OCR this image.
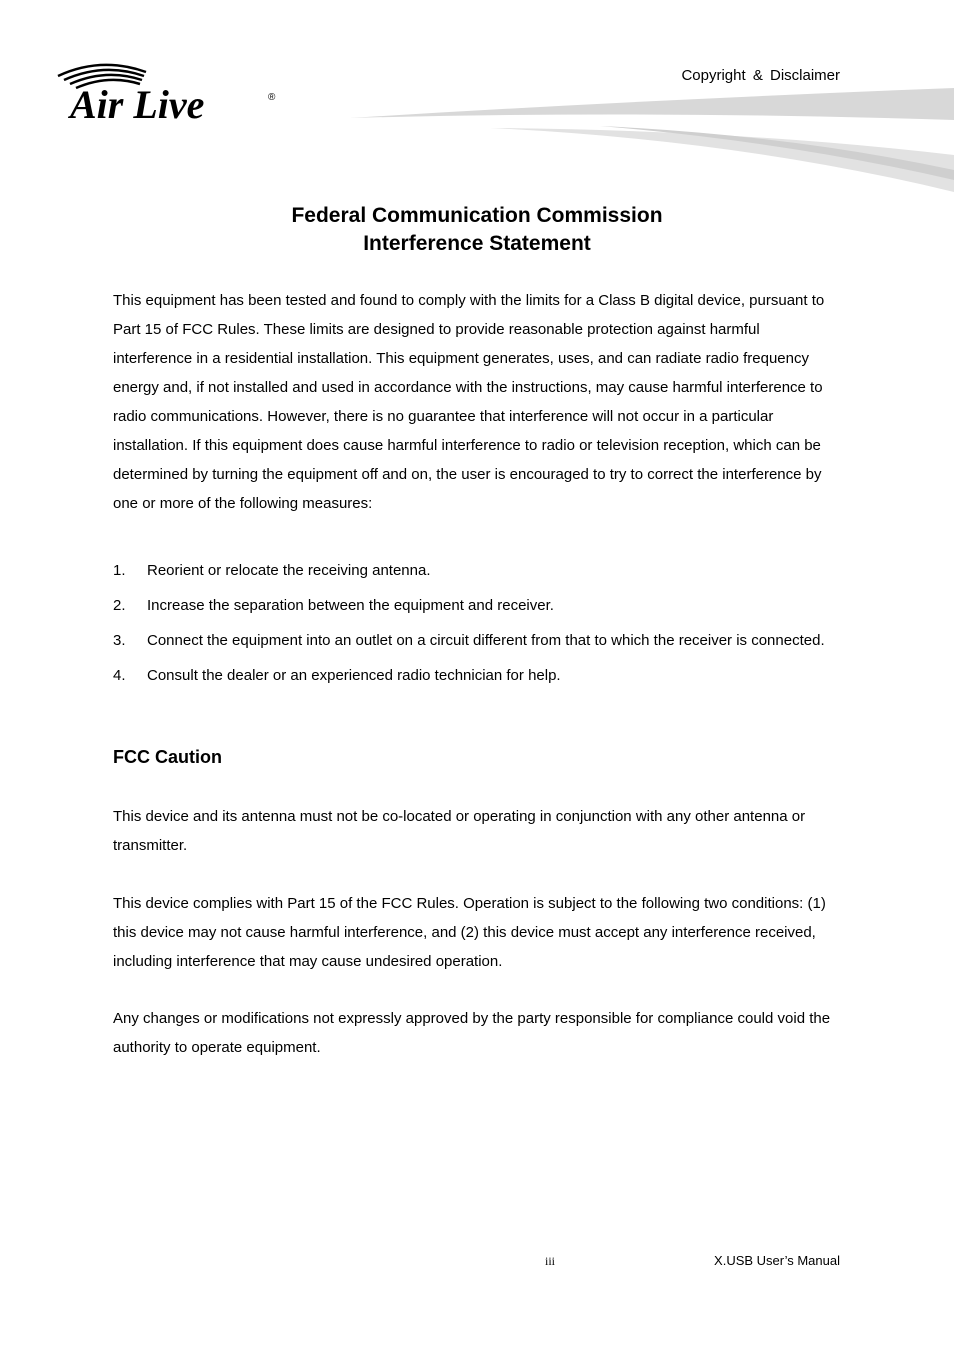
Air Live	®
Copyright & Disclaimer
Federal Communication Commission
Interference Statement

This equipment has been tested and found to comply with the limits for a Class B digital device, pursuant to Part 15 of FCC Rules. These limits are designed to provide reasonable protection against harmful interference in a residential installation. This equipment generates, uses, and can radiate radio frequency energy and, if not installed and used in accordance with the instructions, may cause harmful interference to radio communications. However, there is no guarantee that interference will not occur in a particular installation. If this equipment does cause harmful interference to radio or television reception, which can be determined by turning the equipment off and on, the user is encouraged to try to correct the interference by one or more of the following measures:

1. Reorient or relocate the receiving antenna.
2. Increase the separation between the equipment and receiver.
3. Connect the equipment into an outlet on a circuit different from that to which the receiver is connected.
4. Consult the dealer or an experienced radio technician for help.
FCC Caution

This device and its antenna must not be co-located or operating in conjunction with any other antenna or transmitter.

This device complies with Part 15 of the FCC Rules. Operation is subject to the following two conditions: (1) this device may not cause harmful interference, and (2) this device must accept any interference received, including interference that may cause undesired operation.

Any changes or modifications not expressly approved by the party responsible for compliance could void the authority to operate equipment.

iii	X.USB User’s Manual
